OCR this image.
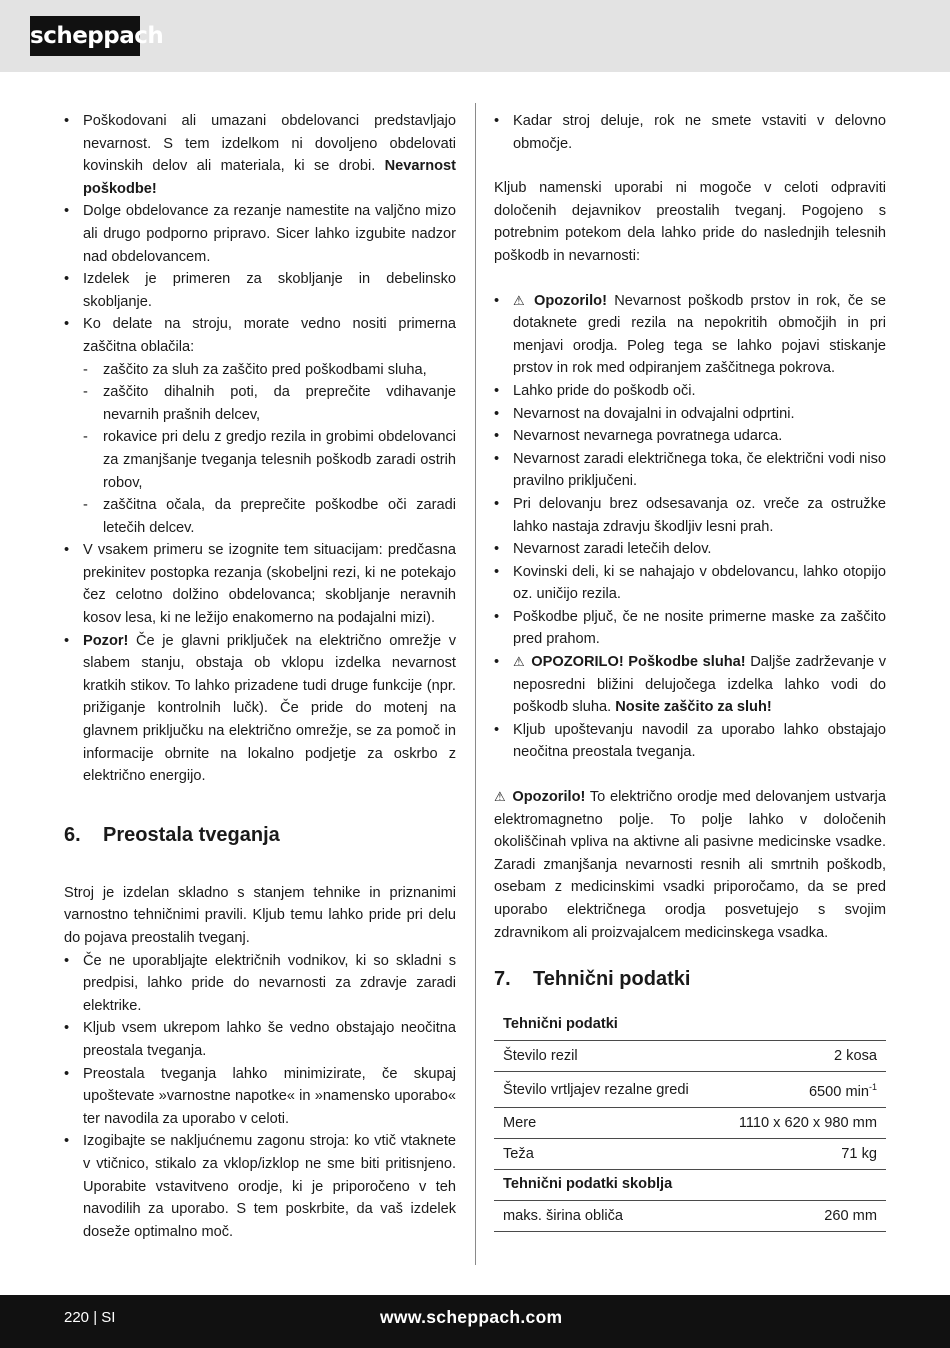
scheppach
• Poškodovani ali umazani obdelovanci predstavljajo nevarnost. S tem izdelkom ni dovoljeno obdelovati kovinskih delov ali materiala, ki se drobi. Nevarnost poškodbe!
• Dolge obdelovance za rezanje namestite na valjčno mizo ali drugo podporno pripravo. Sicer lahko izgubite nadzor nad obdelovancem.
• Izdelek je primeren za skobljanje in debelinsko skobljanje.
• Ko delate na stroju, morate vedno nositi primerna zaščitna oblačila:
- zaščito za sluh za zaščito pred poškodbami sluha,
- zaščito dihalnih poti, da preprečite vdihavanje nevarnih prašnih delcev,
- rokavice pri delu z gredjo rezila in grobimi obdelovanci za zmanjšanje tveganja telesnih poškodb zaradi ostrih robov,
- zaščitna očala, da preprečite poškodbe oči zaradi letečih delcev.
• V vsakem primeru se izognite tem situacijam: predčasna prekinitev postopka rezanja (skobeljni rezi, ki ne potekajo čez celotno dolžino obdelovanca; skobljanje neravnih kosov lesa, ki ne ležijo enakomerno na podajalni mizi).
• Pozor! Če je glavni priključek na električno omrežje v slabem stanju, obstaja ob vklopu izdelka nevarnost kratkih stikov. To lahko prizadene tudi druge funkcije (npr. prižiganje kontrolnih lučk). Če pride do motenj na glavnem priključku na električno omrežje, se za pomoč in informacije obrnite na lokalno podjetje za oskrbo z električno energijo.
6.	Preostala tveganja
Stroj je izdelan skladno s stanjem tehnike in priznanimi varnostno tehničnimi pravili. Kljub temu lahko pride pri delu do pojava preostalih tveganj.
• Če ne uporabljajte električnih vodnikov, ki so skladni s predpisi, lahko pride do nevarnosti za zdravje zaradi elektrike.
• Kljub vsem ukrepom lahko še vedno obstajajo neočitna preostala tveganja.
• Preostala tveganja lahko minimizirate, če skupaj upoštevate »varnostne napotke« in »namensko uporabo« ter navodila za uporabo v celoti.
• Izogibajte se nakljućnemu zagonu stroja: ko vtič vtaknete v vtičnico, stikalo za vklop/izklop ne sme biti pritisnjeno. Uporabite vstavitveno orodje, ki je priporočeno v teh navodilih za uporabo. S tem poskrbite, da vaš izdelek doseže optimalno moč.
• Kadar stroj deluje, rok ne smete vstaviti v delovno območje.
Kljub namenski uporabi ni mogoče v celoti odpraviti določenih dejavnikov preostalih tveganj. Pogojeno s potrebnim potekom dela lahko pride do naslednjih telesnih poškodb in nevarnosti:
• ⚠ Opozorilo! Nevarnost poškodb prstov in rok, če se dotaknete gredi rezila na nepokritih območjih in pri menjavi orodja. Poleg tega se lahko pojavi stiskanje prstov in rok med odpiranjem zaščitnega pokrova.
• Lahko pride do poškodb oči.
• Nevarnost na dovajalni in odvajalni odprtini.
• Nevarnost nevarnega povratnega udarca.
• Nevarnost zaradi električnega toka, če električni vodi niso pravilno priključeni.
• Pri delovanju brez odsesavanja oz. vreče za ostružke lahko nastaja zdravju škodljiv lesni prah.
• Nevarnost zaradi letečih delov.
• Kovinski deli, ki se nahajajo v obdelovancu, lahko otopijo oz. uničijo rezila.
• Poškodbe pljuč, če ne nosite primerne maske za zaščito pred prahom.
• ⚠ OPOZORILO! Poškodbe sluha! Daljše zadrževanje v neposredni bližini delujočega izdelka lahko vodi do poškodb sluha. Nosite zaščito za sluh!
• Kljub upoštevanju navodil za uporabo lahko obstajajo neočitna preostala tveganja.
⚠ Opozorilo! To električno orodje med delovanjem ustvarja elektromagnetno polje. To polje lahko v določenih okoliščinah vpliva na aktivne ali pasivne medicinske vsadke. Zaradi zmanjšanja nevarnosti resnih ali smrtnih poškodb, osebam z medicinskimi vsadki priporočamo, da se pred uporabo električnega orodja posvetujejo s svojim zdravnikom ali proizvajalcem medicinskega vsadka.
7.	Tehnični podatki
Tehnični podatki	
Število rezil	2 kosa
Število vrtljajev rezalne gredi	6500 $\min^{-1}$
Mere	1110 x 620 x 980 mm
Teža	71 kg
Tehnični podatki skoblja	
maks. širina obliča	260 mm
220 | SI	www.scheppach.com
